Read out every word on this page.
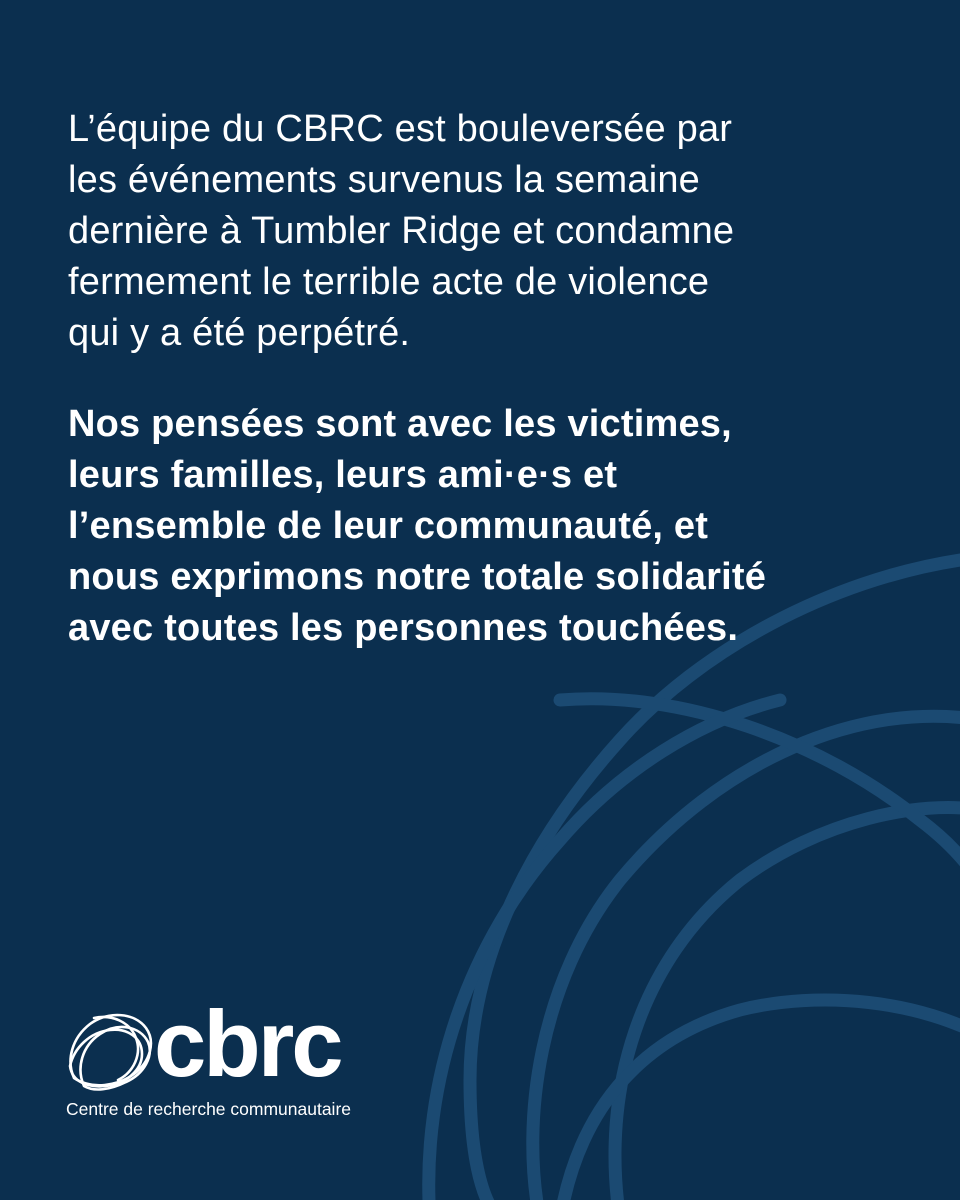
L’équipe du CBRC est bouleversée par
les événements survenus la semaine
dernière à Tumbler Ridge et condamne
fermement le terrible acte de violence
qui y a été perpétré.

Nos pensées sont avec les victimes,
leurs familles, leurs ami·e·s et
l’ensemble de leur communauté, et
nous exprimons notre totale solidarité
avec toutes les personnes touchées.

cbrc
Centre de recherche communautaire
